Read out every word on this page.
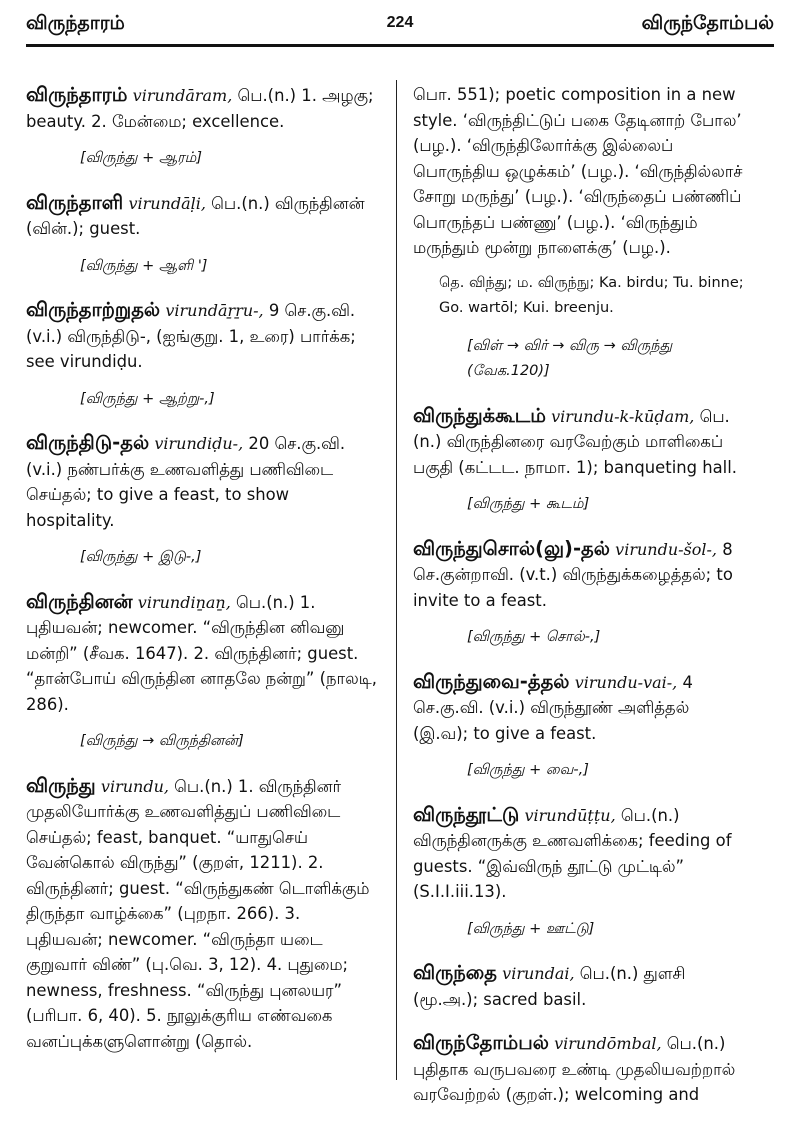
விருந்தாரம்	224	விருந்தோம்பல்

விருந்தாரம் virundāram, பெ.(n.) 1. அழகு; beauty. 2. மேன்மை; excellence.

[விருந்து + ஆரம்]

விருந்தாளி virundāḷi, பெ.(n.) விருந்தினன் (வின்.); guest.

[விருந்து + ஆளி ']

விருந்தாற்றுதல் virundāṟṟu-, 9 செ.கு.வி. (v.i.) விருந்திடு-, (ஐங்குறு. 1, உரை) பார்க்க; see virundiḍu.

[விருந்து + ஆற்று-,]

விருந்திடு-தல் virundiḍu-, 20 செ.கு.வி. (v.i.) நண்பர்க்கு உணவளித்து பணிவிடை செய்தல்; to give a feast, to show hospitality.

[விருந்து + இடு-,]

விருந்தினன் virundiṉaṉ, பெ.(n.) 1. புதியவன்; newcomer. “விருந்தின னிவனு மன்றி” (சீவக. 1647). 2. விருந்தினர்; guest. “தான்போய் விருந்தின னாதலே நன்று” (நாலடி, 286).

[விருந்து → விருந்தினன்]

விருந்து virundu, பெ.(n.) 1. விருந்தினர் முதலியோர்க்கு உணவளித்துப் பணிவிடை செய்தல்; feast, banquet. “யாதுசெய் வேன்கொல் விருந்து” (குறள், 1211). 2. விருந்தினர்; guest. “விருந்துகண் டொளிக்கும் திருந்தா வாழ்க்கை” (புறநா. 266). 3. புதியவன்; newcomer. “விருந்தா யடை குறுவார் விண்” (பு.வெ. 3, 12). 4. புதுமை; newness, freshness. “விருந்து புனலயர” (பரிபா. 6, 40). 5. நூலுக்குரிய எண்வகை வனப்புக்களுளொன்று (தொல்.

பொ. 551); poetic composition in a new style. ‘விருந்திட்டுப் பகை தேடினாற் போல’ (பழ.). ‘விருந்திலோர்க்கு இல்லைப் பொருந்திய ஒழுக்கம்’ (பழ.). ‘விருந்தில்லாச் சோறு மருந்து’ (பழ.). ‘விருந்தைப் பண்ணிப் பொருந்தப் பண்ணு’ (பழ.). ‘விருந்தும் மருந்தும் மூன்று நாளைக்கு’ (பழ.).

தெ. விந்து; ம. விருந்நு; Ka. birdu; Tu. binne; Go. wartōl; Kui. breenju.

[விள் → விர் → விரு → விருந்து (வேக.120)]

விருந்துக்கூடம் virundu-k-kūḍam, பெ.(n.) விருந்தினரை வரவேற்கும் மாளிகைப் பகுதி (கட்டட. நாமா. 1); banqueting hall.

[விருந்து + கூடம்]

விருந்துசொல்(லு)-தல் virundu-šol-, 8 செ.குன்றாவி. (v.t.) விருந்துக்கழைத்தல்; to invite to a feast.

[விருந்து + சொல்-,]

விருந்துவை-த்தல் virundu-vai-, 4 செ.கு.வி. (v.i.) விருந்தூண் அளித்தல் (இ.வ); to give a feast.

[விருந்து + வை-,]

விருந்தூட்டு virundūṭṭu, பெ.(n.) விருந்தினருக்கு உணவளிக்கை; feeding of guests. “இவ்விருந் தூட்டு முட்டில்” (S.I.I.iii.13).

[விருந்து + ஊட்டு]

விருந்தை virundai, பெ.(n.) துளசி (மூ.அ.); sacred basil.

விருந்தோம்பல் virundōmbal, பெ.(n.) புதிதாக வருபவரை உண்டி முதலியவற்றால் வரவேற்றல் (குறள்.); welcoming and
